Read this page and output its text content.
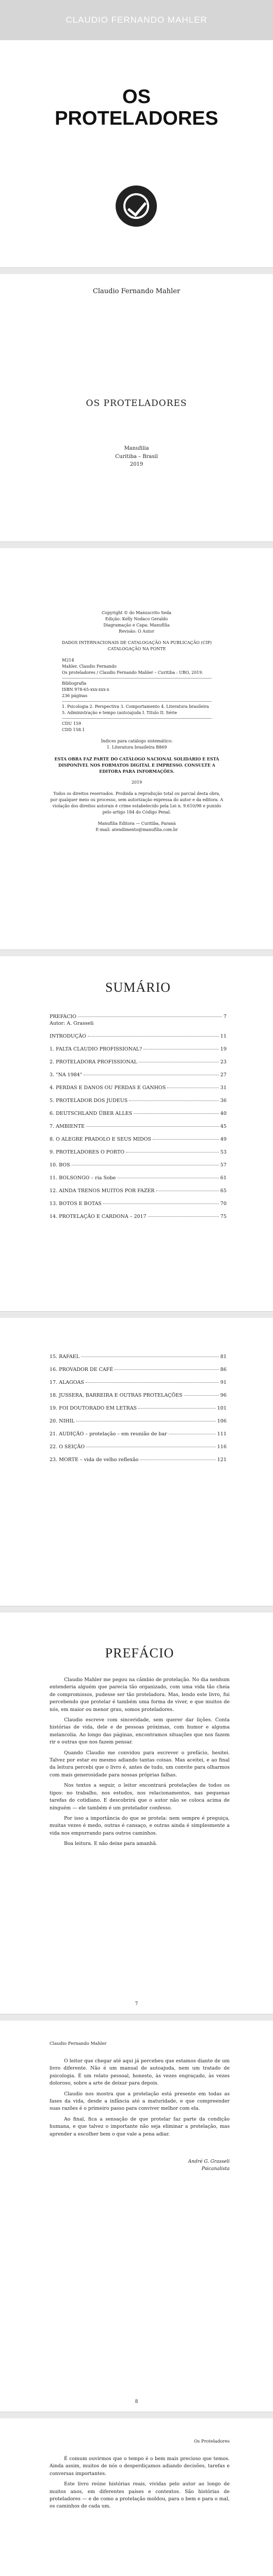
CLAUDIO FERNANDO MAHLER
OS
PROTELADORES
Claudio Fernando Mahler
OS PROTELADORES
Manufilia
Curitiba – Brasil
2019
Copyright © do Manuscrito Seda
Edição: Kelly Nodaco Geraldo
Diagramação e Capa: Manufilia
Revisão: O Autor
DADOS INTERNACIONAIS DE CATALOGAÇÃO NA PUBLICAÇÃO (CIP) CATALOGAÇÃO NA FONTE
M214
Mahler, Claudio Fernando
Os proteladores / Claudio Fernando Mahler – Curitiba : UBO, 2019.
Bibliografia
ISBN 978-65-xxx-xxx-x
236 páginas
1. Psicologia 2. Perspectiva 3. Comportamento 4. Literatura brasileira 5. Administração e tempo (auto)ajuda I. Título II. Série
CDU 159
CDD 158.1
Índices para catálogo sistemático:
1. Literatura brasileira B869
ESTA OBRA FAZ PARTE DO CATÁLOGO NACIONAL SOLIDÁRIO E ESTÁ DISPONÍVEL NOS FORMATOS DIGITAL E IMPRESSO. CONSULTE A EDITORA PARA INFORMAÇÕES.
2019
Todos os direitos reservados. Proibida a reprodução total ou parcial desta obra, por qualquer meio ou processo, sem autorização expressa do autor e da editora. A violação dos direitos autorais é crime estabelecido pela Lei n. 9.610/98 e punido pelo artigo 184 do Código Penal.
Manufilia Editora — Curitiba, Paraná
E-mail: atendimento@manufilia.com.br
SUMÁRIO
PREFÁCIO	7
Autor: A. Grasseli
INTRODUÇÃO	11
1. FALTA CLAUDIO PROFISSIONAL?	19
2. PROTELADORA PROFISSIONAL	23
3. "NA 1984"	27
4. PERDAS E DANOS OU PERDAS E GANHOS	31
5. PROTELADOR DOS JUDEUS	36
6. DEUTSCHLAND ÜBER ALLES	40
7. AMBIENTE	45
8. O ALEGRE PRADOLO E SEUS MIDOS	49
9. PROTELADORES O PORTO	53
10. BOS	57
11. BOLSONGO – ria Sobe	61
12. AINDA TRENOS MUITOS POR FAZER	65
13. BOTOS E BOTAS	70
14. PROTELAÇÃO E CARDONA – 2017	75
15. RAFAEL	81
16. PROVADOR DE CAFÉ	86
17. ALAGOAS	91
18. JUSSERA, BARREIRA E OUTRAS PROTELAÇÕES	96
19. FOI DOUTORADO EM LETRAS	101
20. NIHIL	106
21. AUDIÇÃO – protelação – em reunião de bar	111
22. O SEIÇÃO	116
23. MORTE – vida de velho reflexão	121
PREFÁCIO

Claudio Mahler me pegou na câmbio de protelação. No dia nenhum entenderia alguém que parecia tão organizado, com uma vida tão cheia de compromissos, pudesse ser tão proteladora. Mas, lendo este livro, fui percebendo que protelar é também uma forma de viver, e que muitos de nós, em maior ou menor grau, somos proteladores.

Claudio escreve com sinceridade, sem querer dar lições. Conta histórias de vida, dele e de pessoas próximas, com humor e alguma melancolia. Ao longo das páginas, encontramos situações que nos fazem rir e outras que nos fazem pensar.

Quando Claudio me convidou para escrever o prefácio, hesitei. Talvez por estar eu mesmo adiando tantas coisas. Mas aceitei, e ao final da leitura percebi que o livro é, antes de tudo, um convite para olharmos com mais generosidade para nossas próprias falhas.

Nos textos a seguir, o leitor encontrará protelações de todos os tipos: no trabalho, nos estudos, nos relacionamentos, nas pequenas tarefas do cotidiano. E descobrirá que o autor não se coloca acima de ninguém — ele também é um protelador confesso.

Por isso a importância do que se protela: nem sempre é preguiça, muitas vezes é medo, outras é cansaço, e outras ainda é simplesmente a vida nos empurrando para outros caminhos.

Boa leitura. E não deixe para amanhã.

7
Claudio Fernando Mahler

O leitor que chegar até aqui já percebeu que estamos diante de um livro diferente. Não é um manual de autoajuda, nem um tratado de psicologia. É um relato pessoal, honesto, às vezes engraçado, às vezes doloroso, sobre a arte de deixar para depois.

Claudio nos mostra que a protelação está presente em todas as fases da vida, desde a infância até a maturidade, e que compreender suas razões é o primeiro passo para conviver melhor com ela.

Ao final, fica a sensação de que protelar faz parte da condição humana, e que talvez o importante não seja eliminar a protelação, mas aprender a escolher bem o que vale a pena adiar.

André G. Grasseli
Psicanalista
8
Os Proteladores

É comum ouvirmos que o tempo é o bem mais precioso que temos. Ainda assim, muitos de nós o desperdiçamos adiando decisões, tarefas e conversas importantes.

Este livro reúne histórias reais, vividas pelo autor ao longo de muitos anos, em diferentes países e contextos. São histórias de proteladores — e de como a protelação moldou, para o bem e para o mal, os caminhos de cada um.
